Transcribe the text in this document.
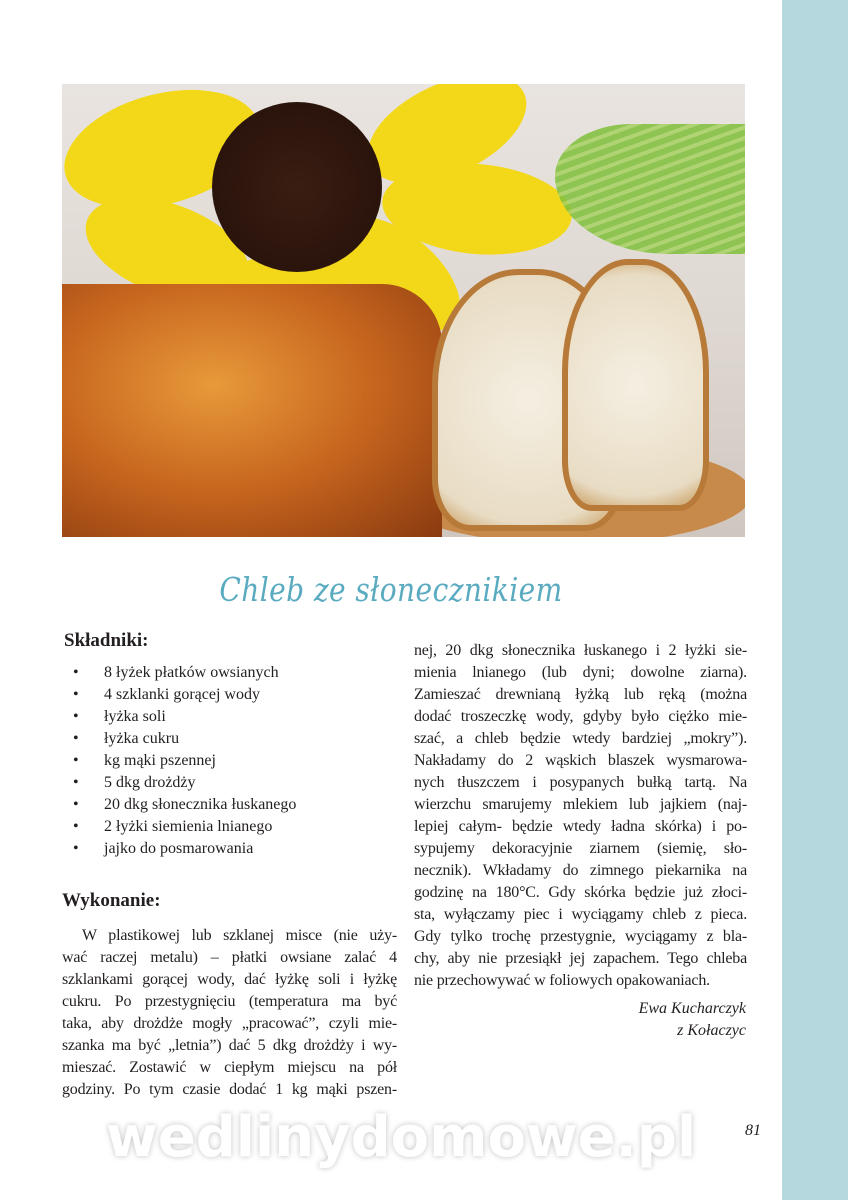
Chleb ze słonecznikiem
Składniki:
• 8 łyżek płatków owsianych
• 4 szklanki gorącej wody
• łyżka soli
• łyżka cukru
• kg mąki pszennej
• 5 dkg drożdży
• 20 dkg słonecznika łuskanego
• 2 łyżki siemienia lnianego
• jajko do posmarowania
Wykonanie:
W plastikowej lub szklanej misce (nie uży-
wać raczej metalu) – płatki owsiane zalać 4
szklankami gorącej wody, dać łyżkę soli i łyżkę
cukru. Po przestygnięciu (temperatura ma być
taka, aby drożdże mogły „pracować”, czyli mie-
szanka ma być „letnia”) dać 5 dkg drożdży i wy-
mieszać. Zostawić w ciepłym miejscu na pół
godziny. Po tym czasie dodać 1 kg mąki pszen-
nej, 20 dkg słonecznika łuskanego i 2 łyżki sie-
mienia lnianego (lub dyni; dowolne ziarna).
Zamieszać drewnianą łyżką lub ręką (można
dodać troszeczkę wody, gdyby było ciężko mie-
szać, a chleb będzie wtedy bardziej „mokry”).
Nakładamy do 2 wąskich blaszek wysmarowa-
nych tłuszczem i posypanych bułką tartą. Na
wierzchu smarujemy mlekiem lub jajkiem (naj-
lepiej całym- będzie wtedy ładna skórka) i po-
sypujemy dekoracyjnie ziarnem (siemię, sło-
necznik). Wkładamy do zimnego piekarnika na
godzinę na 180°C. Gdy skórka będzie już złoci-
sta, wyłączamy piec i wyciągamy chleb z pieca.
Gdy tylko trochę przestygnie, wyciągamy z bla-
chy, aby nie przesiąkł jej zapachem. Tego chleba
nie przechowywać w foliowych opakowaniach.
Ewa Kucharczyk
z Kołaczyc
wedlinydomowe.pl	81
